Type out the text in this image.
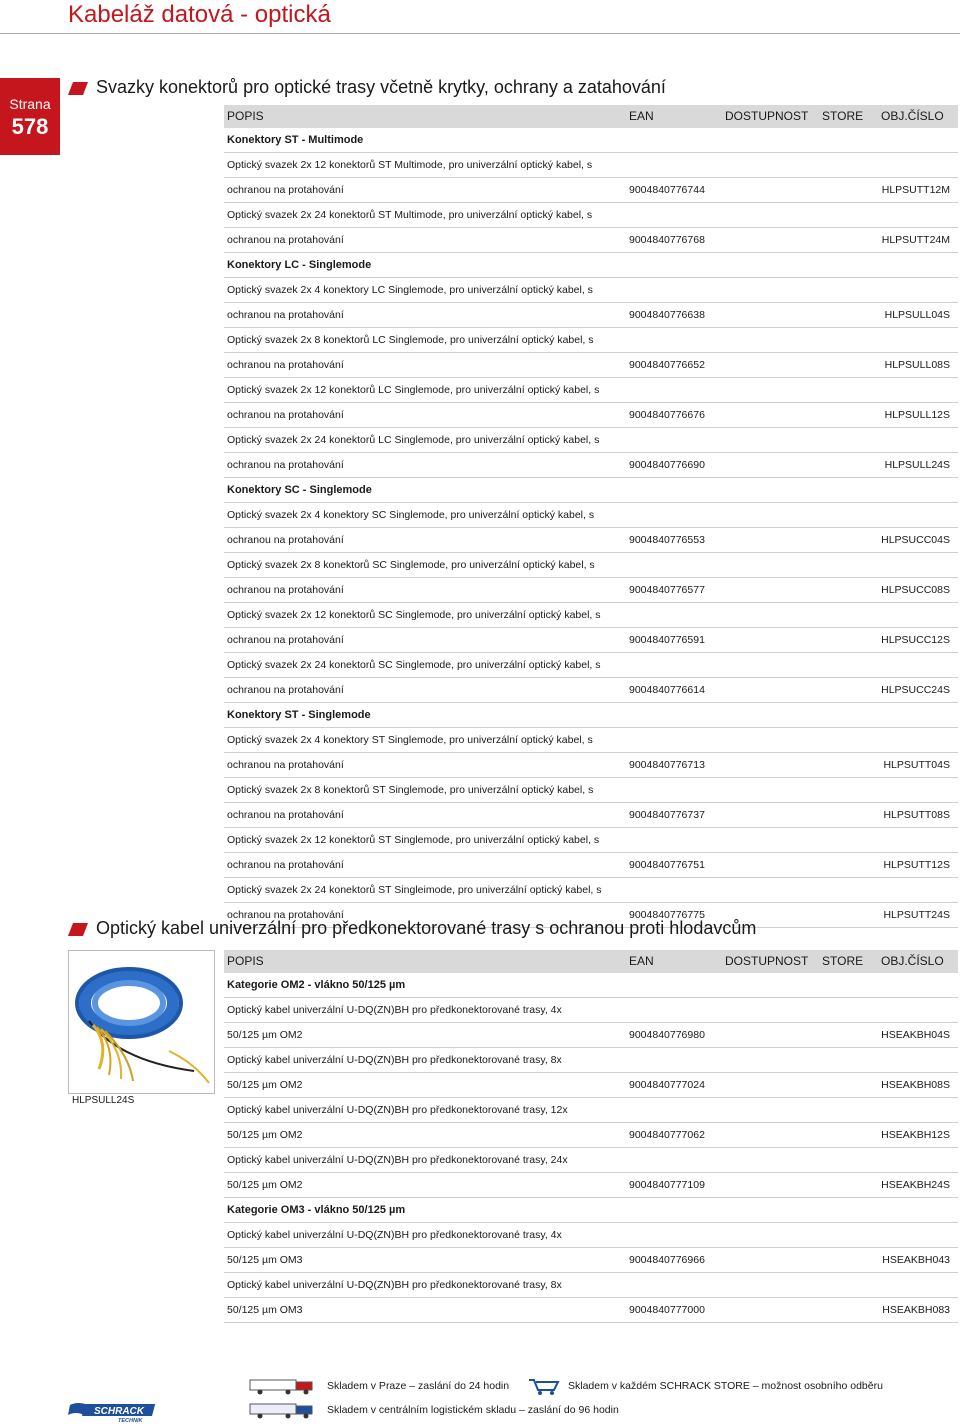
Kabeláž datová - optická
Strana
578
Svazky konektorů pro optické trasy včetně krytky, ochrany a zatahování
POPIS	EAN	DOSTUPNOST STORE OBJ.ČÍSLO
Konektory ST - Multimode
Optický svazek 2x 12 konektorů ST Multimode, pro univerzální optický kabel, s
ochranou na protahování	9004840776744	HLPSUTT12M
Optický svazek 2x 24 konektorů ST Multimode, pro univerzální optický kabel, s
ochranou na protahování	9004840776768	HLPSUTT24M
Konektory LC - Singlemode
Optický svazek 2x 4 konektory LC Singlemode, pro univerzální optický kabel, s
ochranou na protahování	9004840776638	HLPSULL04S
Optický svazek 2x 8 konektorů LC Singlemode, pro univerzální optický kabel, s
ochranou na protahování	9004840776652	HLPSULL08S
Optický svazek 2x 12 konektorů LC Singlemode, pro univerzální optický kabel, s
ochranou na protahování	9004840776676	HLPSULL12S
Optický svazek 2x 24 konektorů LC Singlemode, pro univerzální optický kabel, s
ochranou na protahování	9004840776690	HLPSULL24S
Konektory SC - Singlemode
Optický svazek 2x 4 konektory SC Singlemode, pro univerzální optický kabel, s
ochranou na protahování	9004840776553	HLPSUCC04S
Optický svazek 2x 8 konektorů SC Singlemode, pro univerzální optický kabel, s
ochranou na protahování	9004840776577	HLPSUCC08S
Optický svazek 2x 12 konektorů SC Singlemode, pro univerzální optický kabel, s
ochranou na protahování	9004840776591	HLPSUCC12S
Optický svazek 2x 24 konektorů SC Singlemode, pro univerzální optický kabel, s
ochranou na protahování	9004840776614	HLPSUCC24S
Konektory ST - Singlemode
Optický svazek 2x 4 konektory ST Singlemode, pro univerzální optický kabel, s
ochranou na protahování	9004840776713	HLPSUTT04S
Optický svazek 2x 8 konektorů ST Singlemode, pro univerzální optický kabel, s
ochranou na protahování	9004840776737	HLPSUTT08S
Optický svazek 2x 12 konektorů ST Singlemode, pro univerzální optický kabel, s
ochranou na protahování	9004840776751	HLPSUTT12S
Optický svazek 2x 24 konektorů ST Singleimode, pro univerzální optický kabel, s
ochranou na protahování	9004840776775	HLPSUTT24S
Optický kabel univerzální pro předkonektorované trasy s ochranou proti hlodavcům
HLPSULL24S
POPIS	EAN	DOSTUPNOST STORE OBJ.ČÍSLO
Kategorie OM2 - vlákno 50/125 µm
Optický kabel univerzální U-DQ(ZN)BH pro předkonektorované trasy, 4x
50/125 µm OM2	9004840776980	HSEAKBH04S
Optický kabel univerzální U-DQ(ZN)BH pro předkonektorované trasy, 8x
50/125 µm OM2	9004840777024	HSEAKBH08S
Optický kabel univerzální U-DQ(ZN)BH pro předkonektorované trasy, 12x
50/125 µm OM2	9004840777062	HSEAKBH12S
Optický kabel univerzální U-DQ(ZN)BH pro předkonektorované trasy, 24x
50/125 µm OM2	9004840777109	HSEAKBH24S
Kategorie OM3 - vlákno 50/125 µm
Optický kabel univerzální U-DQ(ZN)BH pro předkonektorované trasy, 4x
50/125 µm OM3	9004840776966	HSEAKBH043
Optický kabel univerzální U-DQ(ZN)BH pro předkonektorované trasy, 8x
50/125 µm OM3	9004840777000	HSEAKBH083
Skladem v Praze – zaslání do 24 hodin	Skladem v každém SCHRACK STORE – možnost osobního odběru
Skladem v centrálním logistickém skladu – zaslání do 96 hodin
SCHRACK
TECHNIK
